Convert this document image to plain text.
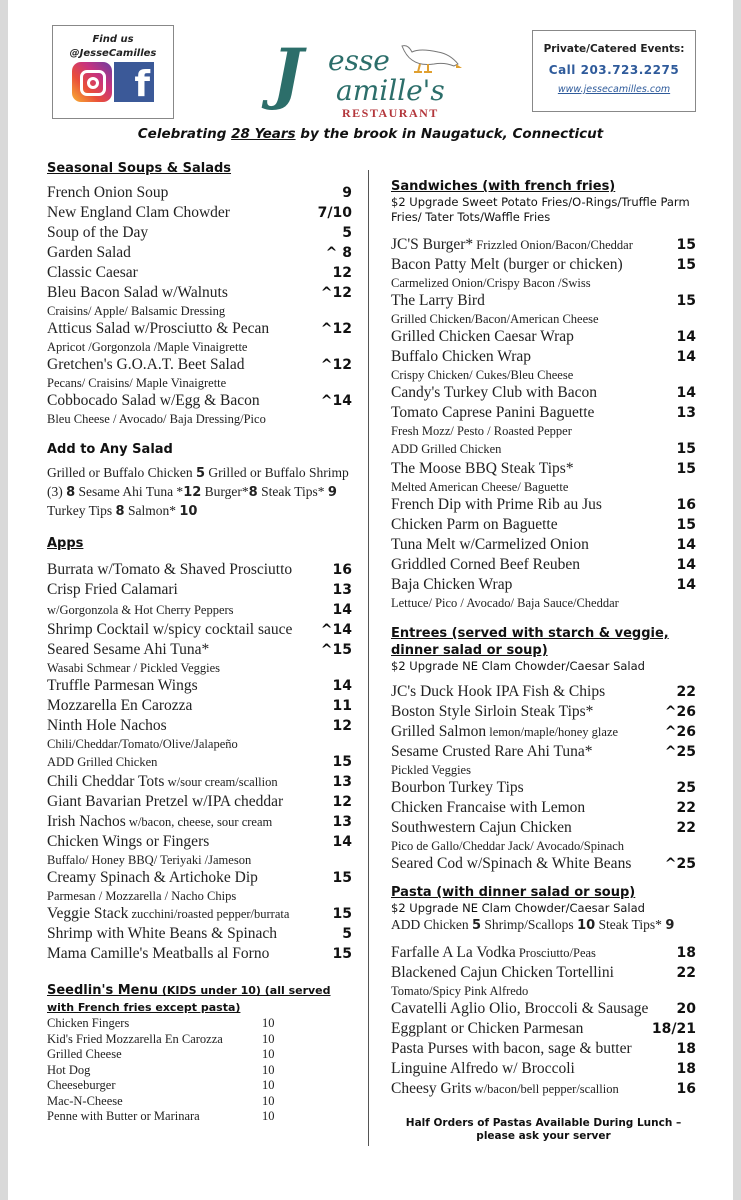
Find us
@JesseCamilles
f J esse
amille's
RESTAURANT
Private/Catered Events:
Call 203.723.2275
www.jessecamilles.com
Celebrating 28 Years by the brook in Naugatuck, Connecticut
Seasonal Soups & Salads
French Onion Soup	9
New England Clam Chowder	7/10
Soup of the Day	5
Garden Salad	^ 8
Classic Caesar	12
Bleu Bacon Salad w/Walnuts	^12
Craisins/ Apple/ Balsamic Dressing
Atticus Salad w/Prosciutto & Pecan	^12
Apricot /Gorgonzola /Maple Vinaigrette
Gretchen's G.O.A.T. Beet Salad	^12
Pecans/ Craisins/ Maple Vinaigrette
Cobbocado Salad w/Egg & Bacon	^14
Bleu Cheese / Avocado/ Baja Dressing/Pico
Add to Any Salad
Grilled or Buffalo Chicken 5 Grilled or Buffalo Shrimp (3) 8 Sesame Ahi Tuna *12 Burger*8 Steak Tips* 9 Turkey Tips 8 Salmon* 10
Apps
Burrata w/Tomato & Shaved Prosciutto	16
Crisp Fried Calamari	13
w/Gorgonzola & Hot Cherry Peppers	14
Shrimp Cocktail w/spicy cocktail sauce ^14
Seared Sesame Ahi Tuna*	^15
Wasabi Schmear / Pickled Veggies
Truffle Parmesan Wings	14
Mozzarella En Carozza	11
Ninth Hole Nachos	12
Chili/Cheddar/Tomato/Olive/Jalapeño
ADD Grilled Chicken	15
Chili Cheddar Tots w/sour cream/scallion	13
Giant Bavarian Pretzel w/IPA cheddar	12
Irish Nachos w/bacon, cheese, sour cream	13
Chicken Wings or Fingers	14
Buffalo/ Honey BBQ/ Teriyaki /Jameson
Creamy Spinach & Artichoke Dip	15
Parmesan / Mozzarella / Nacho Chips
Veggie Stack zucchini/roasted pepper/burrata	15
Shrimp with White Beans & Spinach	5
Mama Camille's Meatballs al Forno	15
Seedlin's Menu (KIDS under 10) (all served with French fries except pasta)
Chicken Fingers	10
Kid's Fried Mozzarella En Carozza	10
Grilled Cheese	10
Hot Dog	10
Cheeseburger	10
Mac-N-Cheese	10
Penne with Butter or Marinara	10
Sandwiches (with french fries)
$2 Upgrade Sweet Potato Fries/O-Rings/Truffle Parm Fries/ Tater Tots/Waffle Fries
JC'S Burger* Frizzled Onion/Bacon/Cheddar	15
Bacon Patty Melt (burger or chicken)	15
Carmelized Onion/Crispy Bacon /Swiss
The Larry Bird	15
Grilled Chicken/Bacon/American Cheese
Grilled Chicken Caesar Wrap	14
Buffalo Chicken Wrap	14
Crispy Chicken/ Cukes/Bleu Cheese
Candy's Turkey Club with Bacon	14
Tomato Caprese Panini Baguette	13
Fresh Mozz/ Pesto / Roasted Pepper
ADD Grilled Chicken	15
The Moose BBQ Steak Tips*	15
Melted American Cheese/ Baguette
French Dip with Prime Rib au Jus	16
Chicken Parm on Baguette	15
Tuna Melt w/Carmelized Onion	14
Griddled Corned Beef Reuben	14
Baja Chicken Wrap	14
Lettuce/ Pico / Avocado/ Baja Sauce/Cheddar
Entrees (served with starch & veggie, dinner salad or soup)
$2 Upgrade NE Clam Chowder/Caesar Salad
JC's Duck Hook IPA Fish & Chips	22
Boston Style Sirloin Steak Tips*	^26
Grilled Salmon lemon/maple/honey glaze	^26
Sesame Crusted Rare Ahi Tuna*	^25
Pickled Veggies
Bourbon Turkey Tips	25
Chicken Francaise with Lemon	22
Southwestern Cajun Chicken	22
Pico de Gallo/Cheddar Jack/ Avocado/Spinach
Seared Cod w/Spinach & White Beans ^25
Pasta (with dinner salad or soup)
$2 Upgrade NE Clam Chowder/Caesar Salad
ADD Chicken 5 Shrimp/Scallops 10 Steak Tips* 9
Farfalle A La Vodka Prosciutto/Peas	18
Blackened Cajun Chicken Tortellini	22
Tomato/Spicy Pink Alfredo
Cavatelli Aglio Olio, Broccoli & Sausage	20
Eggplant or Chicken Parmesan	18/21
Pasta Purses with bacon, sage & butter	18
Linguine Alfredo w/ Broccoli	18
Cheesy Grits w/bacon/bell pepper/scallion	16
Half Orders of Pastas Available During Lunch –
please ask your server
